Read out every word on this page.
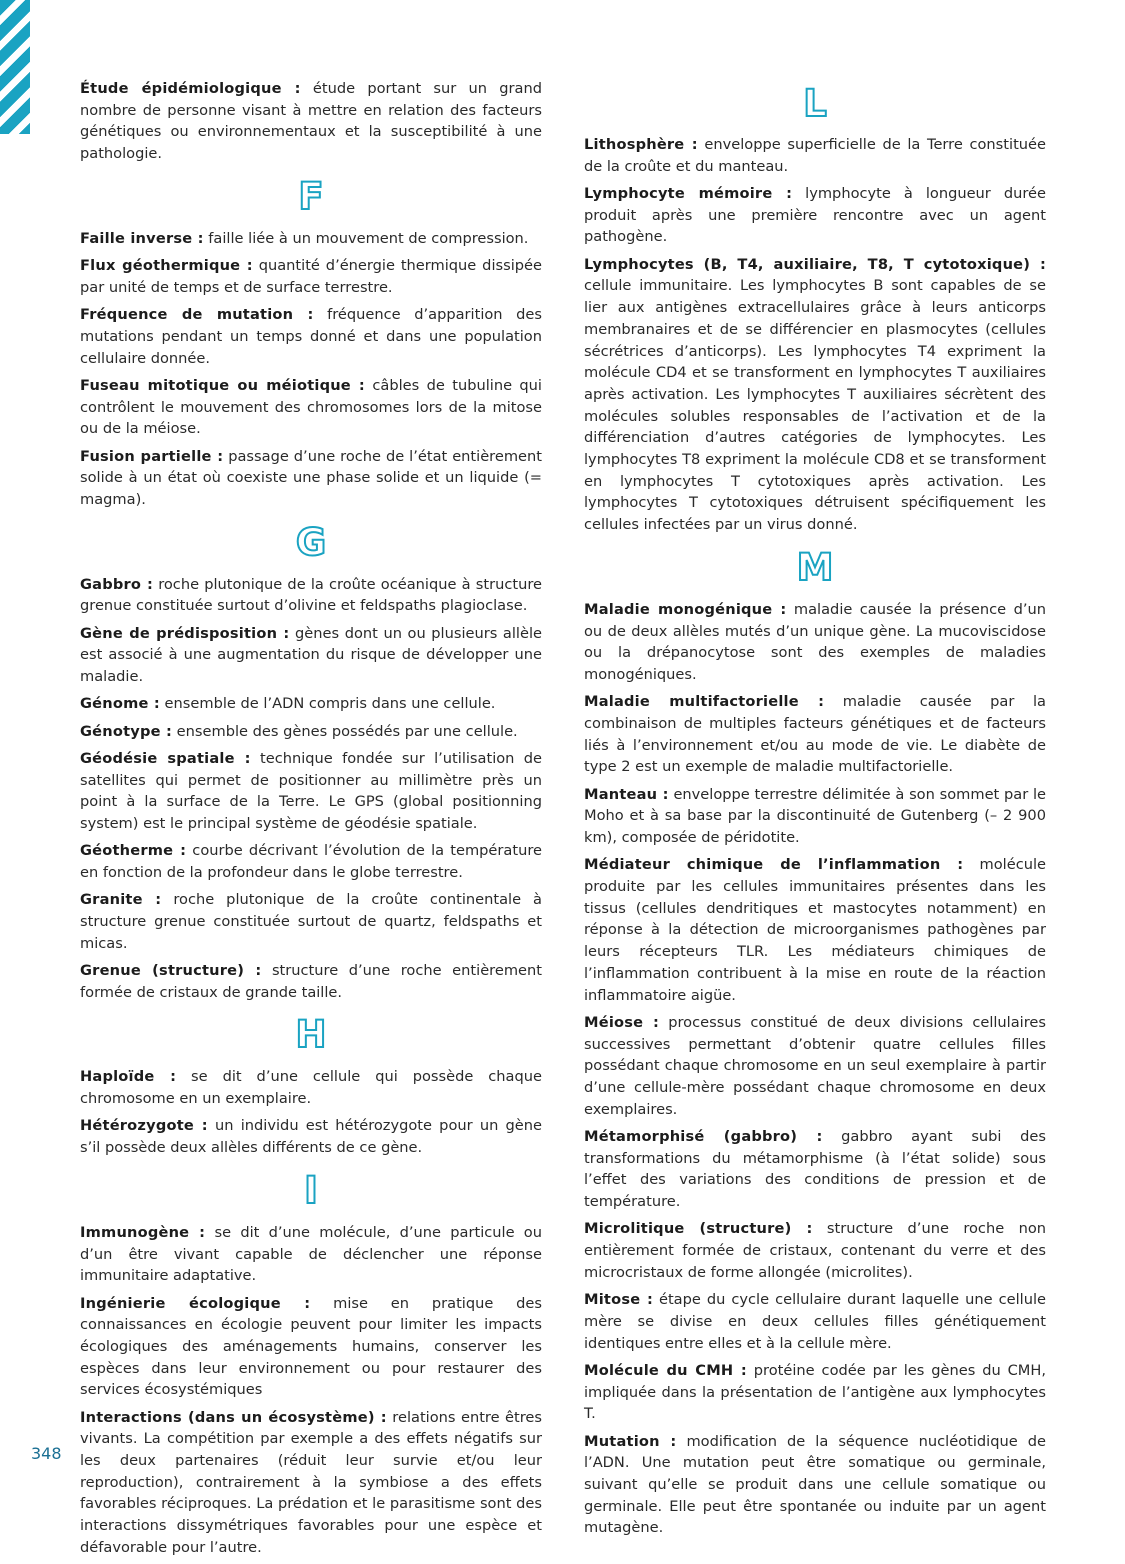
Étude épidémiologique : étude portant sur un grand nombre de personne visant à mettre en relation des facteurs génétiques ou environnementaux et la susceptibilité à une pathologie.

F

Faille inverse : faille liée à un mouvement de compression.

Flux géothermique : quantité d’énergie thermique dissipée par unité de temps et de surface terrestre.

Fréquence de mutation : fréquence d’apparition des mutations pendant un temps donné et dans une population cellulaire donnée.

Fuseau mitotique ou méiotique : câbles de tubuline qui contrôlent le mouvement des chromosomes lors de la mitose ou de la méiose.

Fusion partielle : passage d’une roche de l’état entièrement solide à un état où coexiste une phase solide et un liquide (= magma).

G

Gabbro : roche plutonique de la croûte océanique à structure grenue constituée surtout d’olivine et feldspaths plagioclase.

Gène de prédisposition : gènes dont un ou plusieurs allèle est associé à une augmentation du risque de développer une maladie.

Génome : ensemble de l’ADN compris dans une cellule.

Génotype : ensemble des gènes possédés par une cellule.

Géodésie spatiale : technique fondée sur l’utilisation de satellites qui permet de positionner au millimètre près un point à la surface de la Terre. Le GPS (global positionning system) est le principal système de géodésie spatiale.

Géotherme : courbe décrivant l’évolution de la température en fonction de la profondeur dans le globe terrestre.

Granite : roche plutonique de la croûte continentale à structure grenue constituée surtout de quartz, feldspaths et micas.

Grenue (structure) : structure d’une roche entièrement formée de cristaux de grande taille.

H

Haploïde : se dit d’une cellule qui possède chaque chromosome en un exemplaire.

Hétérozygote : un individu est hétérozygote pour un gène s’il possède deux allèles différents de ce gène.

I

Immunogène : se dit d’une molécule, d’une particule ou d’un être vivant capable de déclencher une réponse immunitaire adaptative.

Ingénierie écologique : mise en pratique des connaissances en écologie peuvent pour limiter les impacts écologiques des aménagements humains, conserver les espèces dans leur environnement ou pour restaurer des services écosystémiques

Interactions (dans un écosystème) : relations entre êtres vivants. La compétition par exemple a des effets négatifs sur les deux partenaires (réduit leur survie et/ou leur reproduction), contrairement à la symbiose a des effets favorables réciproques. La prédation et le parasitisme sont des interactions dissymétriques favorables pour une espèce et défavorable pour l’autre.

L

Lithosphère : enveloppe superficielle de la Terre constituée de la croûte et du manteau.

Lymphocyte mémoire : lymphocyte à longueur durée produit après une première rencontre avec un agent pathogène.

Lymphocytes (B, T4, auxiliaire, T8, T cytotoxique) : cellule immunitaire. Les lymphocytes B sont capables de se lier aux antigènes extracellulaires grâce à leurs anticorps membranaires et de se différencier en plasmocytes (cellules sécrétrices d’anticorps). Les lymphocytes T4 expriment la molécule CD4 et se transforment en lymphocytes T auxiliaires après activation. Les lymphocytes T auxiliaires sécrètent des molécules solubles responsables de l’activation et de la différenciation d’autres catégories de lymphocytes. Les lymphocytes T8 expriment la molécule CD8 et se transforment en lymphocytes T cytotoxiques après activation. Les lymphocytes T cytotoxiques détruisent spécifiquement les cellules infectées par un virus donné.

M

Maladie monogénique : maladie causée la présence d’un ou de deux allèles mutés d’un unique gène. La mucoviscidose ou la drépanocytose sont des exemples de maladies monogéniques.

Maladie multifactorielle : maladie causée par la combinaison de multiples facteurs génétiques et de facteurs liés à l’environnement et/ou au mode de vie. Le diabète de type 2 est un exemple de maladie multifactorielle.

Manteau : enveloppe terrestre délimitée à son sommet par le Moho et à sa base par la discontinuité de Gutenberg (– 2 900 km), composée de péridotite.

Médiateur chimique de l’inflammation : molécule produite par les cellules immunitaires présentes dans les tissus (cellules dendritiques et mastocytes notamment) en réponse à la détection de microorganismes pathogènes par leurs récepteurs TLR. Les médiateurs chimiques de l’inflammation contribuent à la mise en route de la réaction inflammatoire aigüe.

Méiose : processus constitué de deux divisions cellulaires successives permettant d’obtenir quatre cellules filles possédant chaque chromosome en un seul exemplaire à partir d’une cellule-mère possédant chaque chromosome en deux exemplaires.

Métamorphisé (gabbro) : gabbro ayant subi des transformations du métamorphisme (à l’état solide) sous l’effet des variations des conditions de pression et de température.

Microlitique (structure) : structure d’une roche non entièrement formée de cristaux, contenant du verre et des microcristaux de forme allongée (microlites).

Mitose : étape du cycle cellulaire durant laquelle une cellule mère se divise en deux cellules filles génétiquement identiques entre elles et à la cellule mère.

Molécule du CMH : protéine codée par les gènes du CMH, impliquée dans la présentation de l’antigène aux lymphocytes T.

Mutation : modification de la séquence nucléotidique de l’ADN. Une mutation peut être somatique ou germinale, suivant qu’elle se produit dans une cellule somatique ou germinale. Elle peut être spontanée ou induite par un agent mutagène.

348
